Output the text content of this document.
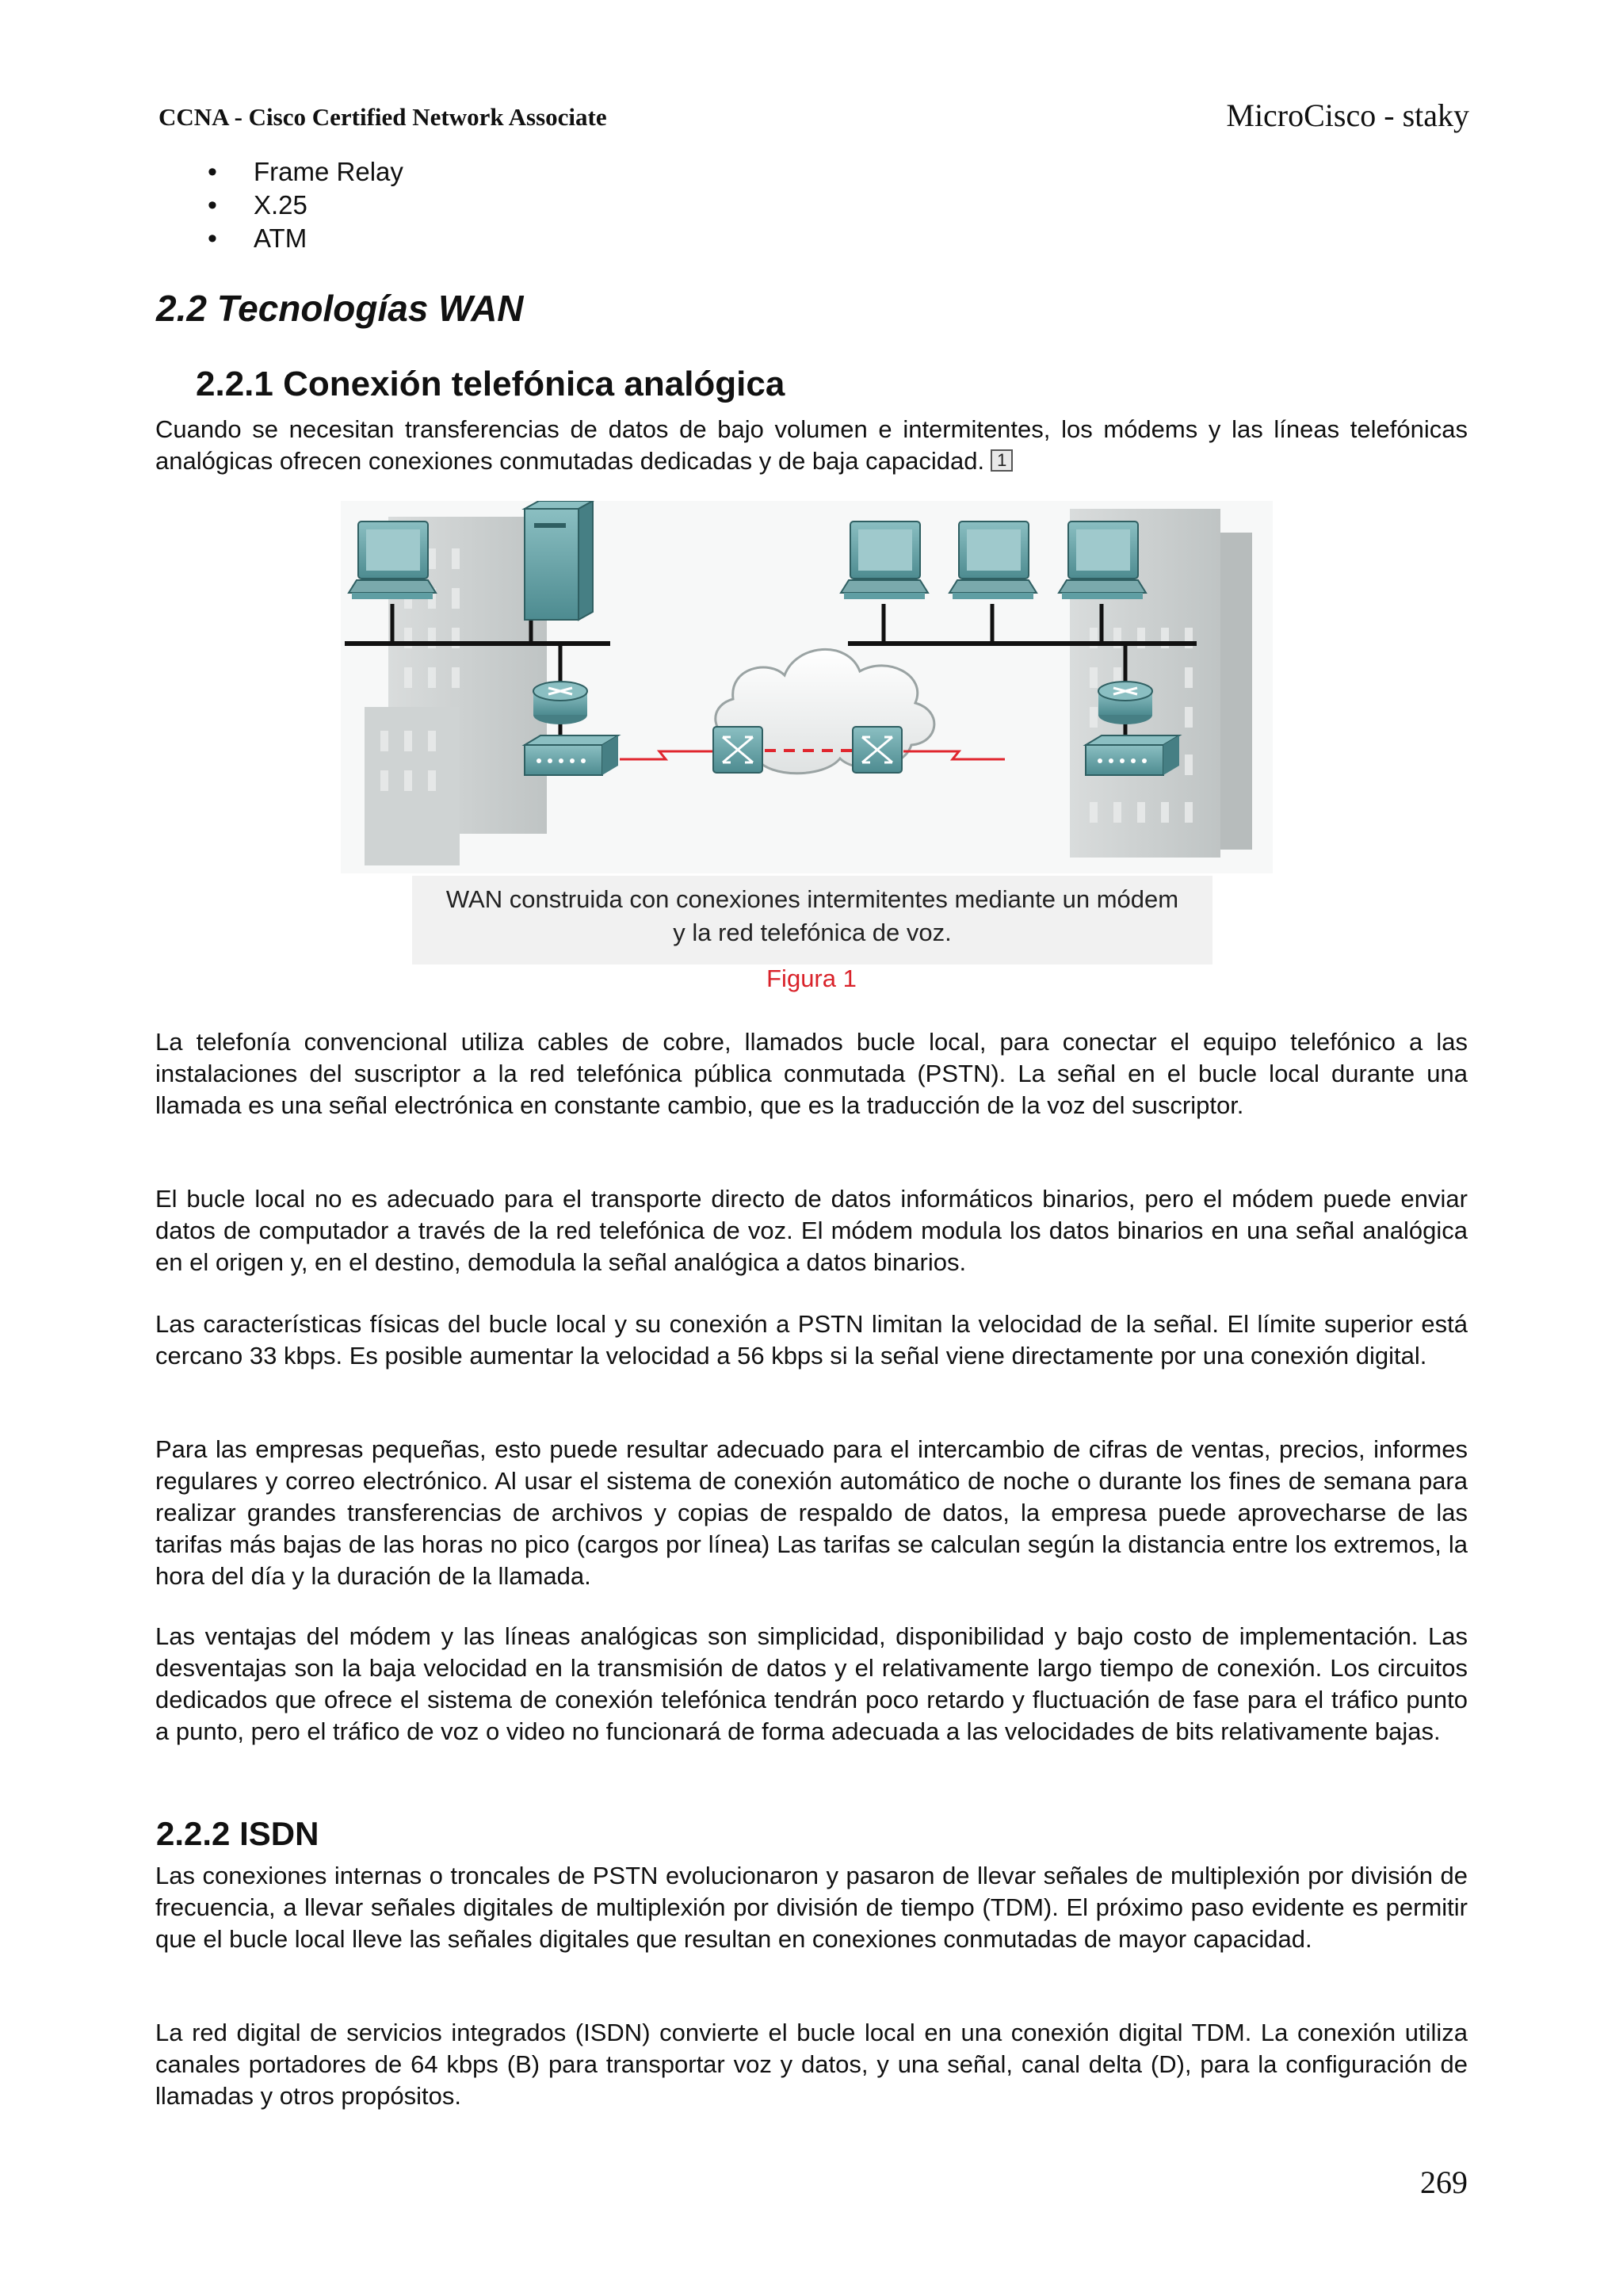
CCNA - Cisco Certified Network Associate	MicroCisco - staky
• Frame Relay
• X.25
• ATM
2.2 Tecnologías WAN
2.2.1 Conexión telefónica analógica

Cuando se necesitan transferencias de datos de bajo volumen e intermitentes, los módems y las líneas telefónicas analógicas ofrecen conexiones conmutadas dedicadas y de baja capacidad. 1

WAN construida con conexiones intermitentes mediante un módem
y la red telefónica de voz.
Figura 1

La telefonía convencional utiliza cables de cobre, llamados bucle local, para conectar el equipo telefónico a las instalaciones del suscriptor a la red telefónica pública conmutada (PSTN). La señal en el bucle local durante una llamada es una señal electrónica en constante cambio, que es la traducción de la voz del suscriptor.

El bucle local no es adecuado para el transporte directo de datos informáticos binarios, pero el módem puede enviar datos de computador a través de la red telefónica de voz. El módem modula los datos binarios en una señal analógica en el origen y, en el destino, demodula la señal analógica a datos binarios.

Las características físicas del bucle local y su conexión a PSTN limitan la velocidad de la señal. El límite superior está cercano 33 kbps. Es posible aumentar la velocidad a 56 kbps si la señal viene directamente por una conexión digital.

Para las empresas pequeñas, esto puede resultar adecuado para el intercambio de cifras de ventas, precios, informes regulares y correo electrónico. Al usar el sistema de conexión automático de noche o durante los fines de semana para realizar grandes transferencias de archivos y copias de respaldo de datos, la empresa puede aprovecharse de las tarifas más bajas de las horas no pico (cargos por línea) Las tarifas se calculan según la distancia entre los extremos, la hora del día y la duración de la llamada.

Las ventajas del módem y las líneas analógicas son simplicidad, disponibilidad y bajo costo de implementación. Las desventajas son la baja velocidad en la transmisión de datos y el relativamente largo tiempo de conexión. Los circuitos dedicados que ofrece el sistema de conexión telefónica tendrán poco retardo y fluctuación de fase para el tráfico punto a punto, pero el tráfico de voz o video no funcionará de forma adecuada a las velocidades de bits relativamente bajas.

2.2.2 ISDN

Las conexiones internas o troncales de PSTN evolucionaron y pasaron de llevar señales de multiplexión por división de frecuencia, a llevar señales digitales de multiplexión por división de tiempo (TDM). El próximo paso evidente es permitir que el bucle local lleve las señales digitales que resultan en conexiones conmutadas de mayor capacidad.

La red digital de servicios integrados (ISDN) convierte el bucle local en una conexión digital TDM. La conexión utiliza canales portadores de 64 kbps (B) para transportar voz y datos, y una señal, canal delta (D), para la configuración de llamadas y otros propósitos.

269
